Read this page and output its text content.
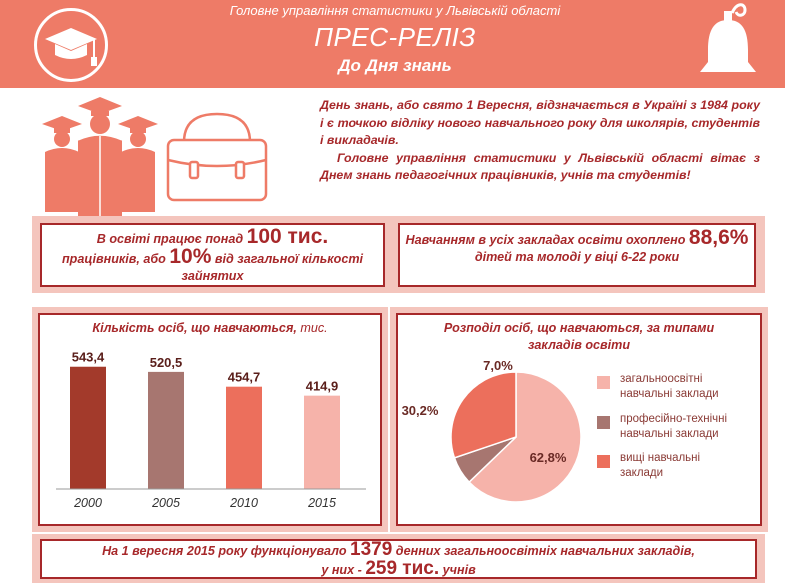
Головне управління статистики у Львівській області
ПРЕС-РЕЛІЗ
До Дня знань

День знань, або свято 1 Вересня, відзначається в Україні з 1984 року і є точкою відліку нового навчального року для школярів, студентів і викладачів.

Головне управління статистики у Львівській області вітає з Днем знань педагогічних працівників, учнів та студентів!

В освіті працює понад 100 тис.
працівників, або 10% від загальної кількості зайнятих
Навчанням в усіх закладах освіти охоплено 88,6% дітей та молоді у віці 6-22 роки
Кількість осіб, що навчаються, тис.
543,4
2000
520,5
2005
454,7
2010
414,9
2015
Розподіл осіб, що навчаються, за типами закладів освіти
62,8%
7,0%
30,2%
загальноосвітні
навчальні заклади
професійно-технічні
навчальні заклади
вищі навчальні
заклади
На 1 вересня 2015 року функціонувало 1379 денних загальноосвітніх навчальних закладів,
у них - 259 тис. учнів
